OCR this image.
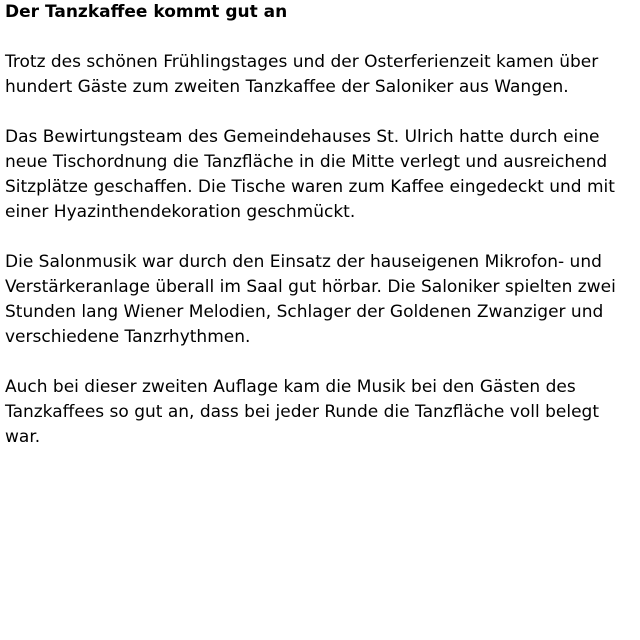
Der Tanzkaffee kommt gut an

Trotz des schönen Frühlingstages und der Osterferienzeit kamen über hundert Gäste zum zweiten Tanzkaffee der Saloniker aus Wangen.

Das Bewirtungsteam des Gemeindehauses St. Ulrich hatte durch eine neue Tischordnung die Tanzfläche in die Mitte verlegt und ausreichend Sitzplätze geschaffen. Die Tische waren zum Kaffee eingedeckt und mit einer Hyazinthendekoration geschmückt.

Die Salonmusik war durch den Einsatz der hauseigenen Mikrofon- und Verstärkeranlage überall im Saal gut hörbar. Die Saloniker spielten zwei Stunden lang Wiener Melodien, Schlager der Goldenen Zwanziger und verschiedene Tanzrhythmen.

Auch bei dieser zweiten Auflage kam die Musik bei den Gästen des Tanzkaffees so gut an, dass bei jeder Runde die Tanzfläche voll belegt war.
